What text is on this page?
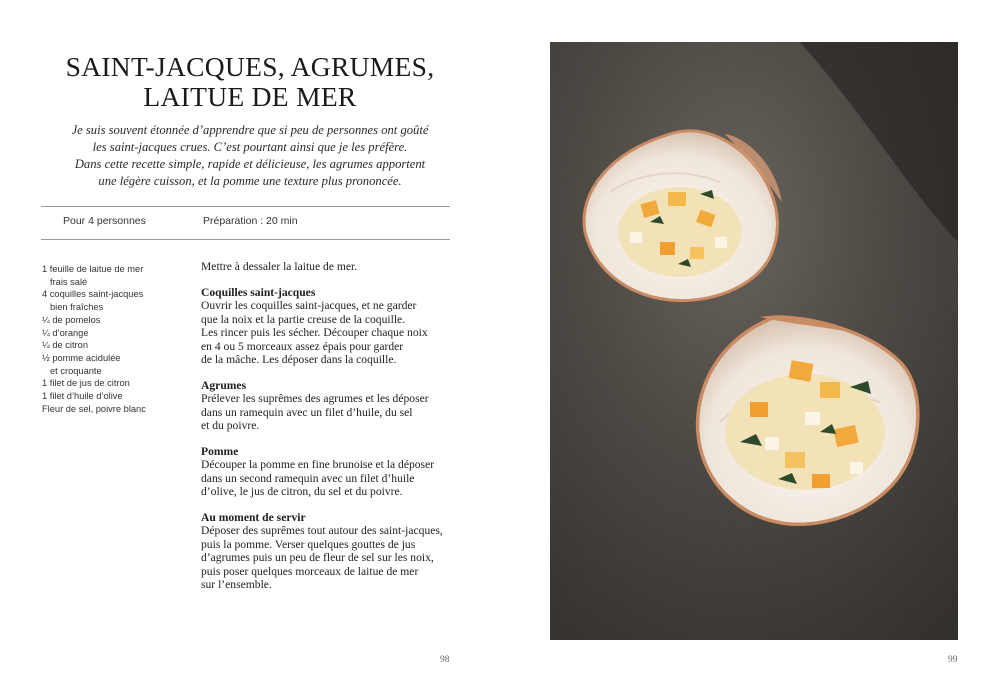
SAINT-JACQUES, AGRUMES,
LAITUE DE MER

Je suis souvent étonnée d’apprendre que si peu de personnes ont goûté
les saint-jacques crues. C’est pourtant ainsi que je les préfère.
Dans cette recette simple, rapide et délicieuse, les agrumes apportent
une légère cuisson, et la pomme une texture plus prononcée.

Pour 4 personnes	Préparation : 20 min
1 feuille de laitue de mer
frais salé
4 coquilles saint-jacques
bien fraîches
¼ de pomelos
¼ d’orange
¼ de citron
½ pomme acidulée
et croquante
1 filet de jus de citron
1 filet d’huile d’olive
Fleur de sel, poivre blanc
Mettre à dessaler la laitue de mer.
Coquilles saint-jacques
Ouvrir les coquilles saint-jacques, et ne garder
que la noix et la partie creuse de la coquille.
Les rincer puis les sécher. Découper chaque noix
en 4 ou 5 morceaux assez épais pour garder
de la mâche. Les déposer dans la coquille.
Agrumes
Prélever les suprêmes des agrumes et les déposer
dans un ramequin avec un filet d’huile, du sel
et du poivre.
Pomme
Découper la pomme en fine brunoise et la déposer
dans un second ramequin avec un filet d’huile
d’olive, le jus de citron, du sel et du poivre.
Au moment de servir
Déposer des suprêmes tout autour des saint-jacques,
puis la pomme. Verser quelques gouttes de jus
d’agrumes puis un peu de fleur de sel sur les noix,
puis poser quelques morceaux de laitue de mer
sur l’ensemble.
98	99
